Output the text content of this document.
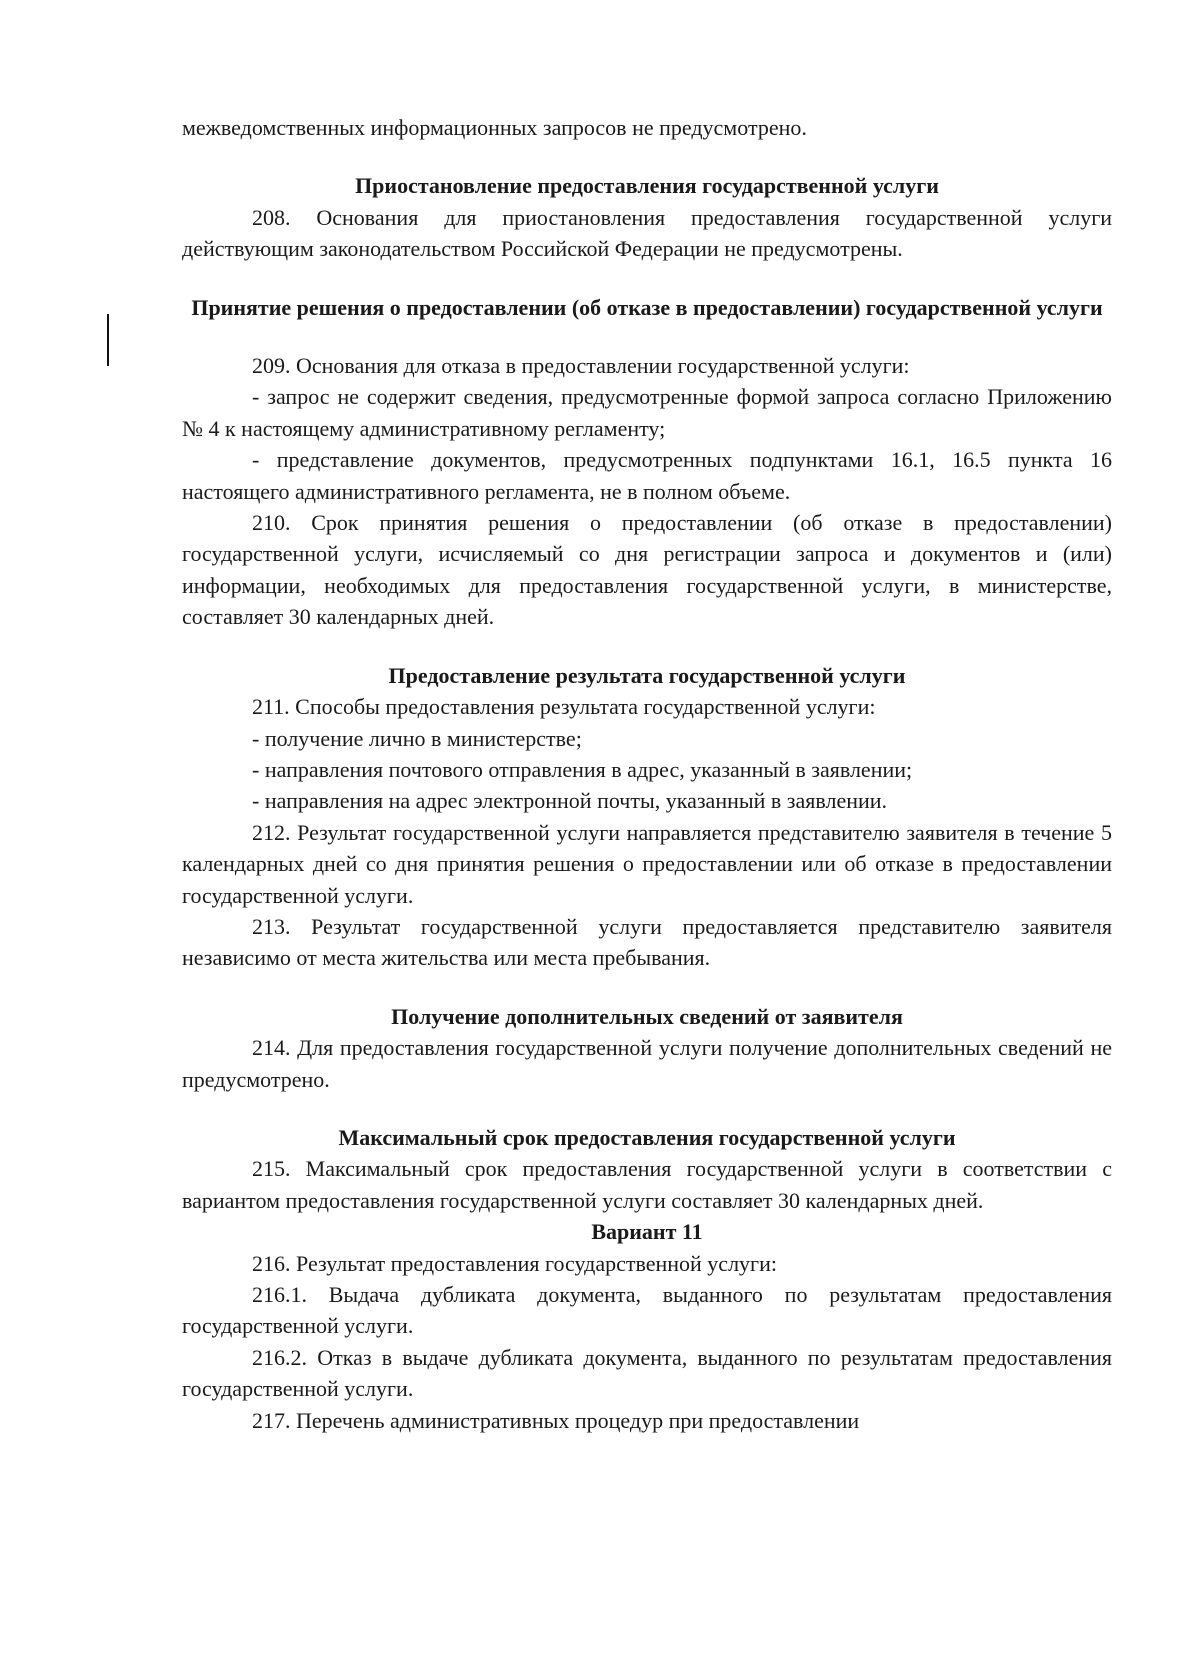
межведомственных информационных запросов не предусмотрено.

Приостановление предоставления государственной услуги

208. Основания для приостановления предоставления государственной услуги действующим законодательством Российской Федерации не предусмотрены.

Принятие решения о предоставлении (об отказе в предоставлении) государственной услуги

209. Основания для отказа в предоставлении государственной услуги:

- запрос не содержит сведения, предусмотренные формой запроса согласно Приложению № 4 к настоящему административному регламенту;

- представление документов, предусмотренных подпунктами 16.1, 16.5 пункта 16 настоящего административного регламента, не в полном объеме.

210. Срок принятия решения о предоставлении (об отказе в предоставлении) государственной услуги, исчисляемый со дня регистрации запроса и документов и (или) информации, необходимых для предоставления государственной услуги, в министерстве, составляет 30 календарных дней.

Предоставление результата государственной услуги

211. Способы предоставления результата государственной услуги:

- получение лично в министерстве;

- направления почтового отправления в адрес, указанный в заявлении;

- направления на адрес электронной почты, указанный в заявлении.

212. Результат государственной услуги направляется представителю заявителя в течение 5 календарных дней со дня принятия решения о предоставлении или об отказе в предоставлении государственной услуги.

213. Результат государственной услуги предоставляется представителю заявителя независимо от места жительства или места пребывания.

Получение дополнительных сведений от заявителя

214. Для предоставления государственной услуги получение дополнительных сведений не предусмотрено.

Максимальный срок предоставления государственной услуги

215. Максимальный срок предоставления государственной услуги в соответствии с вариантом предоставления государственной услуги составляет 30 календарных дней.

Вариант 11

216. Результат предоставления государственной услуги:

216.1. Выдача дубликата документа, выданного по результатам предоставления государственной услуги.

216.2. Отказ в выдаче дубликата документа, выданного по результатам предоставления государственной услуги.

217. Перечень административных процедур при предоставлении
